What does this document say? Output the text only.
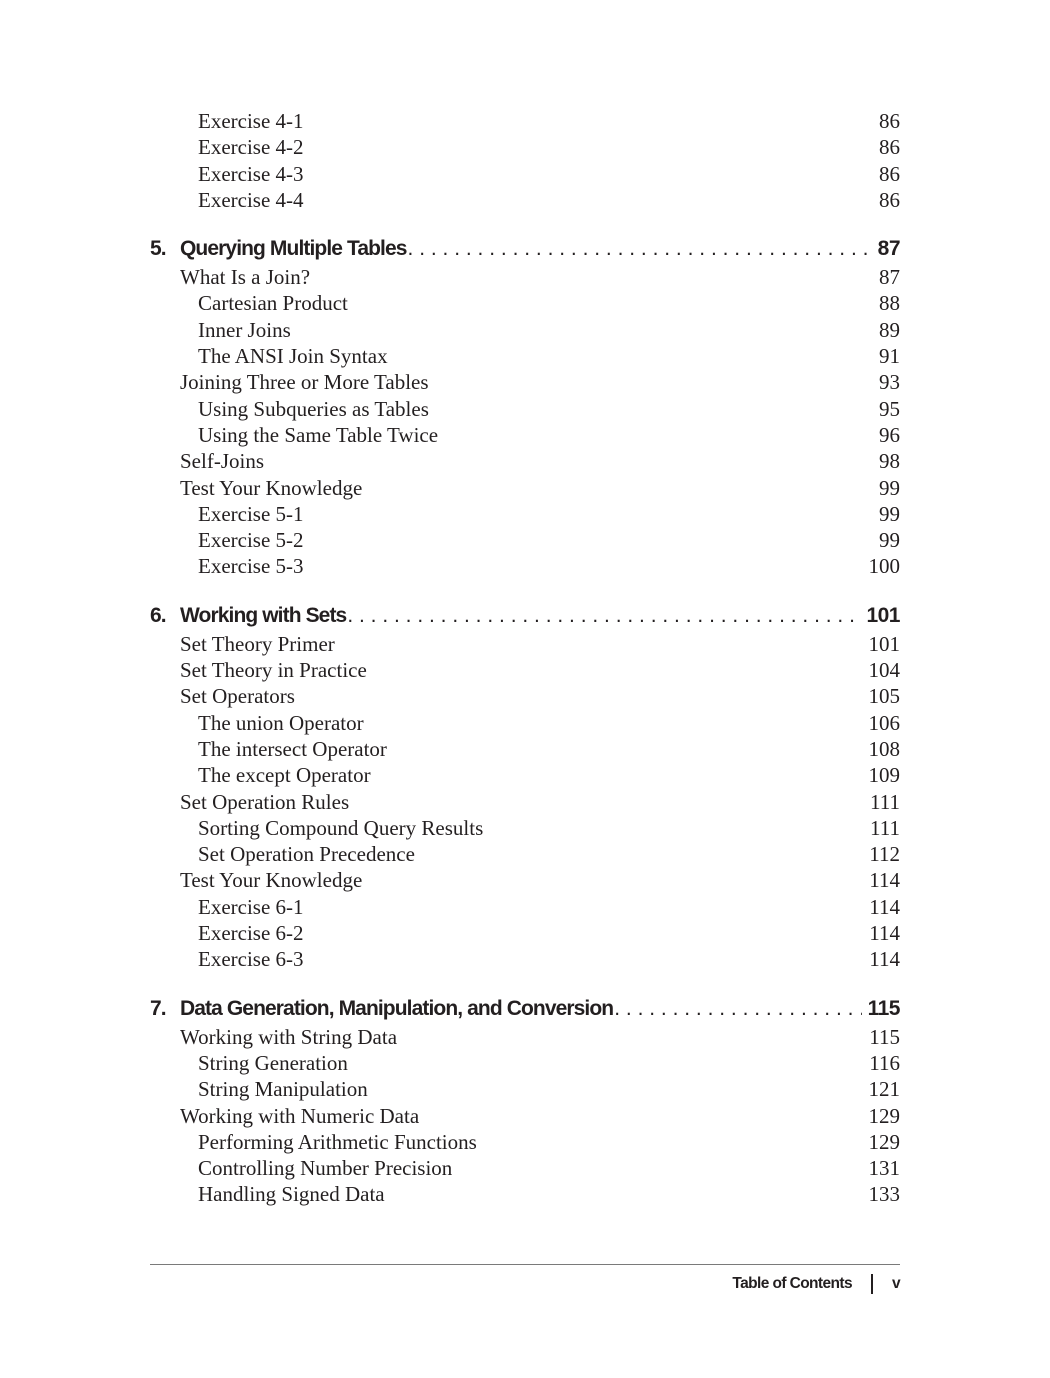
Exercise 4-1	86
Exercise 4-2	86
Exercise 4-3	86
Exercise 4-4	86
5. Querying Multiple Tables . . .	87
What Is a Join?	87
Cartesian Product	88
Inner Joins	89
The ANSI Join Syntax	91
Joining Three or More Tables	93
Using Subqueries as Tables	95
Using the Same Table Twice	96
Self-Joins	98
Test Your Knowledge	99
Exercise 5-1	99
Exercise 5-2	99
Exercise 5-3	100
6. Working with Sets . . .	101
Set Theory Primer	101
Set Theory in Practice	104
Set Operators	105
The union Operator	106
The intersect Operator	108
The except Operator	109
Set Operation Rules	111
Sorting Compound Query Results	111
Set Operation Precedence	112
Test Your Knowledge	114
Exercise 6-1	114
Exercise 6-2	114
Exercise 6-3	114
7. Data Generation, Manipulation, and Conversion . . .	115
Working with String Data	115
String Generation	116
String Manipulation	121
Working with Numeric Data	129
Performing Arithmetic Functions	129
Controlling Number Precision	131
Handling Signed Data	133
Table of Contents	v
